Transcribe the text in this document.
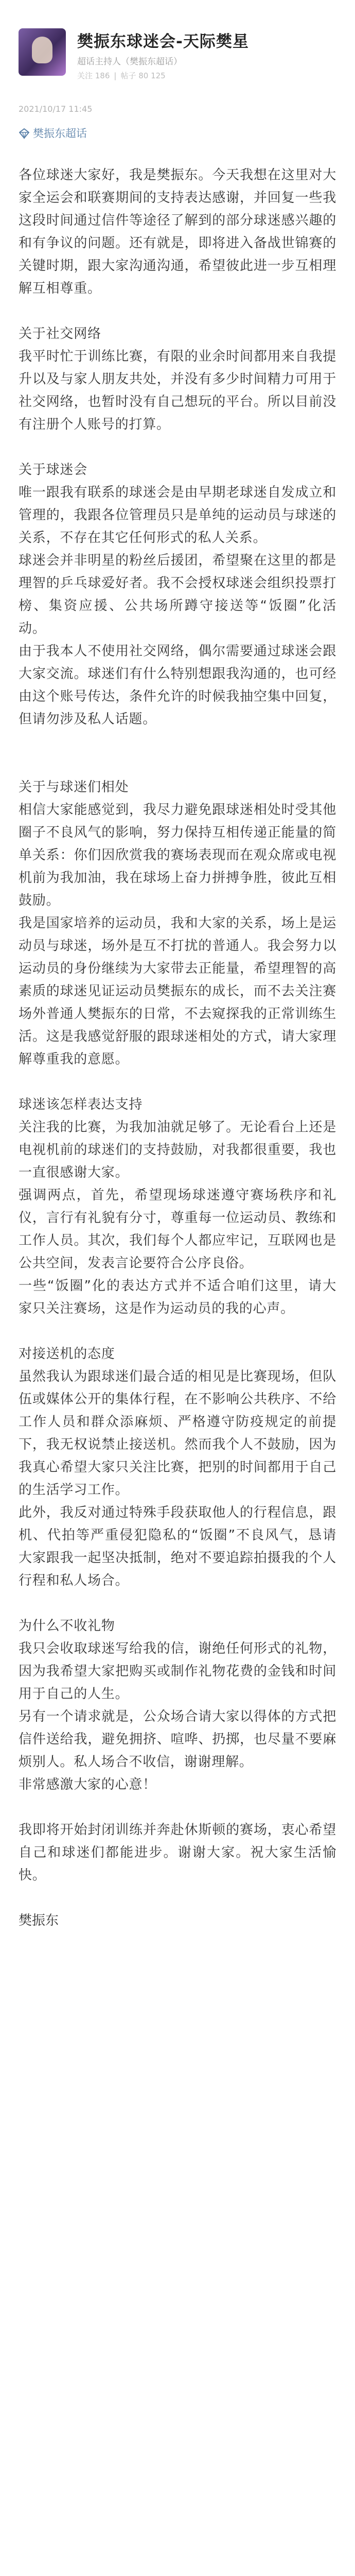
樊振东球迷会-天际樊星
超话主持人（樊振东超话）
关注 186 | 帖子 80 125
2021/10/17 11:45
樊振东超话

各位球迷大家好，我是樊振东。今天我想在这里对大家全运会和联赛期间的支持表达感谢，并回复一些我这段时间通过信件等途径了解到的部分球迷感兴趣的和有争议的问题。还有就是，即将进入备战世锦赛的关键时期，跟大家沟通沟通，希望彼此进一步互相理解互相尊重。

关于社交网络

我平时忙于训练比赛，有限的业余时间都用来自我提升以及与家人朋友共处，并没有多少时间精力可用于社交网络，也暂时没有自己想玩的平台。所以目前没有注册个人账号的打算。

关于球迷会

唯一跟我有联系的球迷会是由早期老球迷自发成立和管理的，我跟各位管理员只是单纯的运动员与球迷的关系，不存在其它任何形式的私人关系。

球迷会并非明星的粉丝后援团，希望聚在这里的都是理智的乒乓球爱好者。我不会授权球迷会组织投票打榜、集资应援、公共场所蹲守接送等“饭圈”化活动。

由于我本人不使用社交网络，偶尔需要通过球迷会跟大家交流。球迷们有什么特别想跟我沟通的，也可经由这个账号传达，条件允许的时候我抽空集中回复，但请勿涉及私人话题。

关于与球迷们相处

相信大家能感觉到，我尽力避免跟球迷相处时受其他圈子不良风气的影响，努力保持互相传递正能量的简单关系：你们因欣赏我的赛场表现而在观众席或电视机前为我加油，我在球场上奋力拼搏争胜，彼此互相鼓励。

我是国家培养的运动员，我和大家的关系，场上是运动员与球迷，场外是互不打扰的普通人。我会努力以运动员的身份继续为大家带去正能量，希望理智的高素质的球迷见证运动员樊振东的成长，而不去关注赛场外普通人樊振东的日常，不去窥探我的正常训练生活。这是我感觉舒服的跟球迷相处的方式，请大家理解尊重我的意愿。

球迷该怎样表达支持

关注我的比赛，为我加油就足够了。无论看台上还是电视机前的球迷们的支持鼓励，对我都很重要，我也一直很感谢大家。

强调两点，首先，希望现场球迷遵守赛场秩序和礼仪，言行有礼貌有分寸，尊重每一位运动员、教练和工作人员。其次，我们每个人都应牢记，互联网也是公共空间，发表言论要符合公序良俗。

一些“饭圈”化的表达方式并不适合咱们这里，请大家只关注赛场，这是作为运动员的我的心声。

对接送机的态度

虽然我认为跟球迷们最合适的相见是比赛现场，但队伍或媒体公开的集体行程，在不影响公共秩序、不给工作人员和群众添麻烦、严格遵守防疫规定的前提下，我无权说禁止接送机。然而我个人不鼓励，因为我真心希望大家只关注比赛，把别的时间都用于自己的生活学习工作。

此外，我反对通过特殊手段获取他人的行程信息，跟机、代拍等严重侵犯隐私的“饭圈”不良风气，恳请大家跟我一起坚决抵制，绝对不要追踪拍摄我的个人行程和私人场合。

为什么不收礼物

我只会收取球迷写给我的信，谢绝任何形式的礼物，因为我希望大家把购买或制作礼物花费的金钱和时间用于自己的人生。

另有一个请求就是，公众场合请大家以得体的方式把信件送给我，避免拥挤、喧哗、扔掷，也尽量不要麻烦别人。私人场合不收信，谢谢理解。

非常感激大家的心意！

我即将开始封闭训练并奔赴休斯顿的赛场，衷心希望自己和球迷们都能进步。谢谢大家。祝大家生活愉快。

樊振东
